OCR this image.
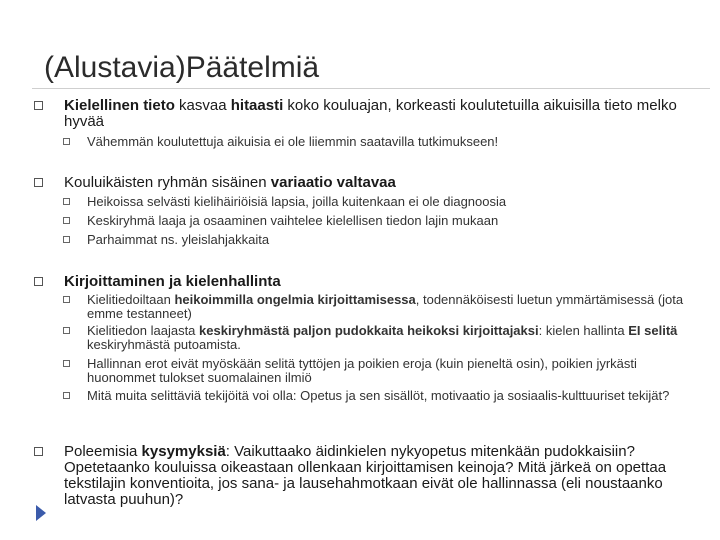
(Alustavia)Päätelmiä
Kielellinen tieto kasvaa hitaasti koko kouluajan, korkeasti koulutetuilla aikuisilla tieto melko hyvää
Vähemmän koulutettuja aikuisia ei ole liiemmin saatavilla tutkimukseen!
Kouluikäisten ryhmän sisäinen variaatio valtavaa
Heikoissa selvästi kielihäiriöisiä lapsia, joilla kuitenkaan ei ole diagnoosia
Keskiryhmä laaja ja osaaminen vaihtelee kielellisen tiedon lajin mukaan
Parhaimmat ns. yleislahjakkaita
Kirjoittaminen ja kielenhallinta
Kielitiedoiltaan heikoimmilla ongelmia kirjoittamisessa, todennäköisesti luetun ymmärtämisessä (jota emme testanneet)
Kielitiedon laajasta keskiryhmästä paljon pudokkaita heikoksi kirjoittajaksi: kielen hallinta EI selitä keskiryhmästä putoamista.
Hallinnan erot eivät myöskään selitä tyttöjen ja poikien eroja (kuin pieneltä osin), poikien jyrkästi huonommet tulokset suomalainen ilmiö
Mitä muita selittäviä tekijöitä voi olla: Opetus ja sen sisällöt, motivaatio ja sosiaalis-kulttuuriset tekijät?
Poleemisia kysymyksiä: Vaikuttaako äidinkielen nykyopetus mitenkään pudokkaisiin? Opetetaanko kouluissa oikeastaan ollenkaan kirjoittamisen keinoja? Mitä järkeä on opettaa tekstilajin konventioita, jos sana- ja lausehahmotkaan eivät ole hallinnassa (eli noustaanko latvasta puuhun)?
